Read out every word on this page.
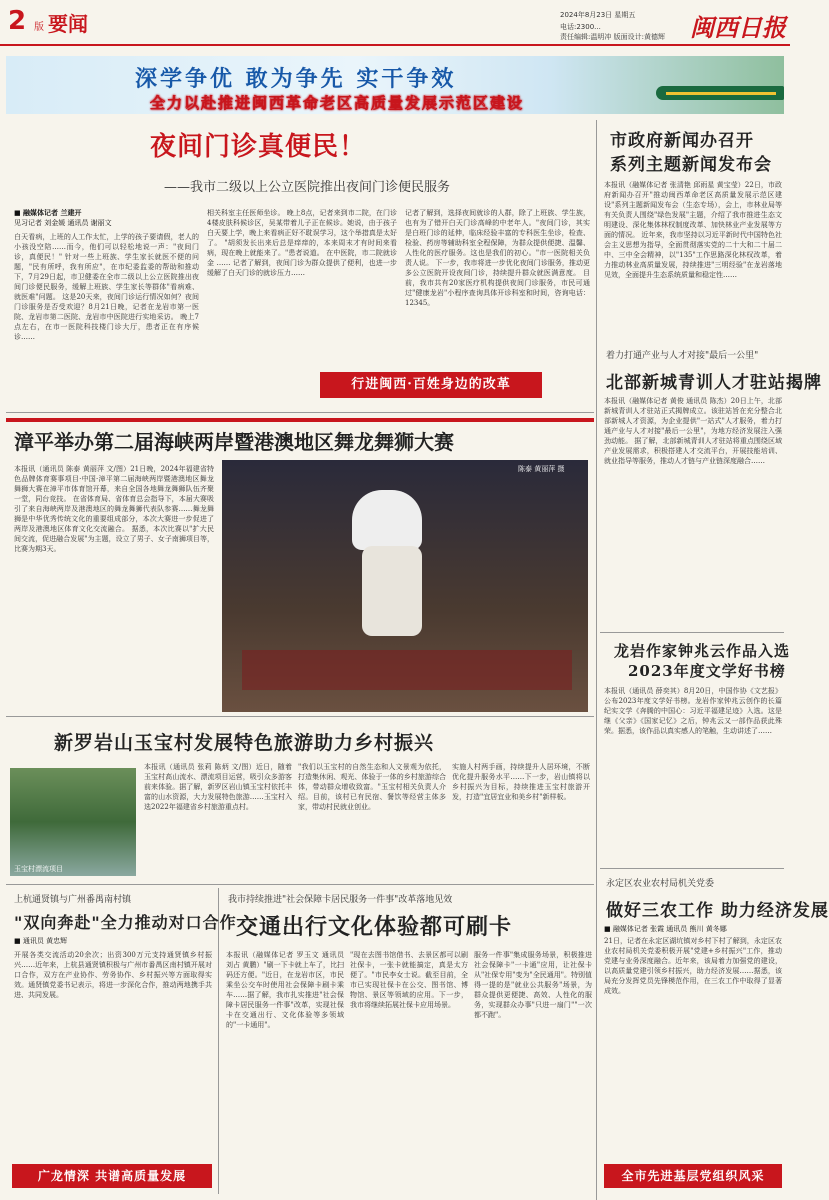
2 版 要闻	2024年8月23日 星期五
电话:2300...
责任编辑:温明冲 版面设计:黄德辉 闽西日报
深学争优 敢为争先 实干争效
全力以赴推进闽西革命老区高质量发展示范区建设
夜间门诊真便民！
——我市二级以上公立医院推出夜间门诊便民服务
■ 融媒体记者 兰建开
见习记者 刘金媛 通讯员 谢丽文
白天看病，上班的人工作太忙，上学的孩子要请假，老人的小孩没空陪……而今，他们可以轻松地说一声："夜间门诊，真便民！" 针对一些上班族、学生家长就医不便的问题，"民有所呼，我有所应"，在市纪委监委的帮助和推动下，7月29日起，市卫健委在全市二级以上公立医院推出夜间门诊便民服务，缓解上班族、学生家长等群体"看病难、就医难"问题。 这是20天来，夜间门诊运行情况如何？夜间门诊服务是否受欢迎？8月21日晚，记者在龙岩市第一医院、龙岩市第二医院、龙岩市中医院进行实地采访。 晚上7点左右，在市一医院科技楼门诊大厅，患者正在有序候诊……
相关科室主任医师坐诊。 晚上8点，记者来到市二院，在门诊4楼皮肤科候诊区，吴某带着儿子正在候诊。她说，由于孩子白天要上学，晚上来看病正好不耽误学习，这个举措真是太好了。 "胡须发长出来后总是痒痒的，本来周末才有时间来看病，现在晚上就能来了。"患者说道。 在中医院，市二院就诊金 …… 记者了解到，夜间门诊为群众提供了便利，也进一步缓解了白天门诊的就诊压力……
记者了解到，选择夜间就诊的人群，除了上班族、学生族，也有为了错开白天门诊高峰的中老年人。"夜间门诊，其实是白班门诊的延伸，临床经验丰富的专科医生坐诊，检查、检验、药房等辅助科室全程保障，为群众提供便捷、温馨、人性化的医疗服务。这也是我们的初心。"市一医院相关负责人说。 下一步，我市将进一步优化夜间门诊服务，推动更多公立医院开设夜间门诊，持续提升群众就医满意度。 目前，我市共有20家医疗机构提供夜间门诊服务，市民可通过"健康龙岩"小程序查询具体开诊科室和时间，咨询电话：12345。
行进闽西·百姓身边的改革
市政府新闻办召开
系列主题新闻发布会
本报讯（融媒体记者 张清艳 邱雨星 黄宝莹）22日，市政府新闻办召开"推动闽西革命老区高质量发展示范区建设"系列主题新闻发布会（生态专场），会上，市林业局等有关负责人围绕"绿色发展"主题，介绍了我市推进生态文明建设、深化集体林权制度改革、加快林业产业发展等方面的情况。 近年来，我市坚持以习近平新时代中国特色社会主义思想为指导，全面贯彻落实党的二十大和二十届二中、三中全会精神，以"135"工作思路深化林权改革，着力推动林业高质量发展，持续推进"三明经验"在龙岩落地见效，全面提升生态系统质量和稳定性……
漳平举办第二届海峡两岸暨港澳地区舞龙舞狮大赛
本报讯（通讯员 陈泰 黄丽萍 文/图）21日晚，2024年福建省特色品牌体育赛事项目·中国·漳平第二届海峡两岸暨港澳地区舞龙舞狮大赛在漳平市体育馆开幕，来自全国各地舞龙舞狮队伍齐聚一堂，同台竞技。 在省体育局、省体育总会指导下，本届大赛吸引了来自海峡两岸及港澳地区的舞龙舞狮代表队参赛……舞龙舞狮是中华优秀传统文化的重要组成部分，本次大赛进一步促进了两岸及港澳地区体育文化交流融合。 据悉，本次比赛以"扩大民间交流，促进融合发展"为主题，设立了男子、女子南狮项目等，比赛为期3天。
陈泰 黄丽萍 摄
着力打通产业与人才对接"最后一公里"
北部新城青训人才驻站揭牌
本报讯（融媒体记者 黄俊 通讯员 陈杰）20日上午，北部新城青训人才驻站正式揭牌成立。该驻站旨在充分整合北部新城人才资源，为企业提供"一站式"人才服务，着力打通产业与人才对接"最后一公里"，为地方经济发展注入强劲动能。 据了解，北部新城青训人才驻站将重点围绕区域产业发展需求，积极搭建人才交流平台，开展技能培训、就业指导等服务，推动人才链与产业链深度融合……
龙岩作家钟兆云作品入选
2023年度文学好书榜
本报讯（通讯员 薛奕其）8月20日，中国作协《文艺报》公布2023年度文学好书榜。龙岩作家钟兆云创作的长篇纪实文学《奔腾的中国心：习近平福建足迹》入选。这是继《父亲》《国家记忆》之后，钟兆云又一部作品获此殊荣。据悉，该作品以真实感人的笔触，生动讲述了……
新罗岩山玉宝村发展特色旅游助力乡村振兴
玉宝村漂流项目
本报讯（通讯员 张莉 陈炳 文/图）近日，随着玉宝村高山流水、漂流项目运营，吸引众多游客前来体验。据了解，新罗区岩山镇玉宝村依托丰富的山水资源，大力发展特色旅游……玉宝村入选2022年福建省乡村旅游重点村。
"我们以玉宝村的自然生态和人文景观为依托，打造集休闲、观光、体验于一体的乡村旅游综合体，带动群众增收致富。"玉宝村相关负责人介绍。目前，该村已有民宿、餐饮等经营主体多家，带动村民就业创业。
实施人村两手画，持续提升人居环境，不断优化提升服务水平……下一步，岩山镇将以乡村振兴为目标，持续推进玉宝村旅游开发，打造"宜居宜业和美乡村"新样板。
永定区农业农村局机关党委
做好三农工作 助力经济发展
■ 融媒体记者 张霞 通讯员 熊川 黄冬娜
21日，记者在永定区湖坑镇对乡村下村了解到，永定区农业农村局机关党委积极开展"党建+乡村振兴"工作，推动党建与业务深度融合。近年来，该局着力加强党的建设，以高质量党建引领乡村振兴，助力经济发展……据悉，该局充分发挥党员先锋模范作用，在三农工作中取得了显著成效。
全市先进基层党组织风采
上杭通贤镇与广州番禺南村镇
"双向奔赴"全力推动对口合作
■ 通讯员 黄忠辉
开展各类交流活动20余次；出资300万元支持通贤镇乡村振兴……近年来，上杭县通贤镇积极与广州市番禺区南村镇开展对口合作，双方在产业协作、劳务协作、乡村振兴等方面取得实效。通贤镇党委书记表示，将进一步深化合作，推动两地携手共进、共同发展。
广龙情深 共谱高质量发展
我市持续推进"社会保障卡居民服务一件事"改革落地见效
交通出行文化体验都可刷卡
本报讯（融媒体记者 罗玉文 通讯员 刘占 黄鹏）"刷一下卡就上车了，比扫码还方便。"近日，在龙岩市区，市民乘坐公交车时使用社会保障卡刷卡乘车……据了解，我市扎实推进"社会保障卡居民服务一件事"改革，实现社保卡在交通出行、文化体验等多领域的"一卡通用"。
"现在去图书馆借书、去景区都可以刷社保卡，一张卡就能搞定，真是太方便了。"市民李女士说。截至目前，全市已实现社保卡在公交、图书馆、博物馆、景区等领域的应用。下一步，我市将继续拓展社保卡应用场景。
服务一件事"集成服务场景，积极推进社会保障卡"一卡通"应用，让社保卡从"社保专用"变为"全民通用"。特别值得一提的是"就业公共服务"场景，为群众提供更便捷、高效、人性化的服务，实现群众办事"只进一扇门""一次都不跑"。
